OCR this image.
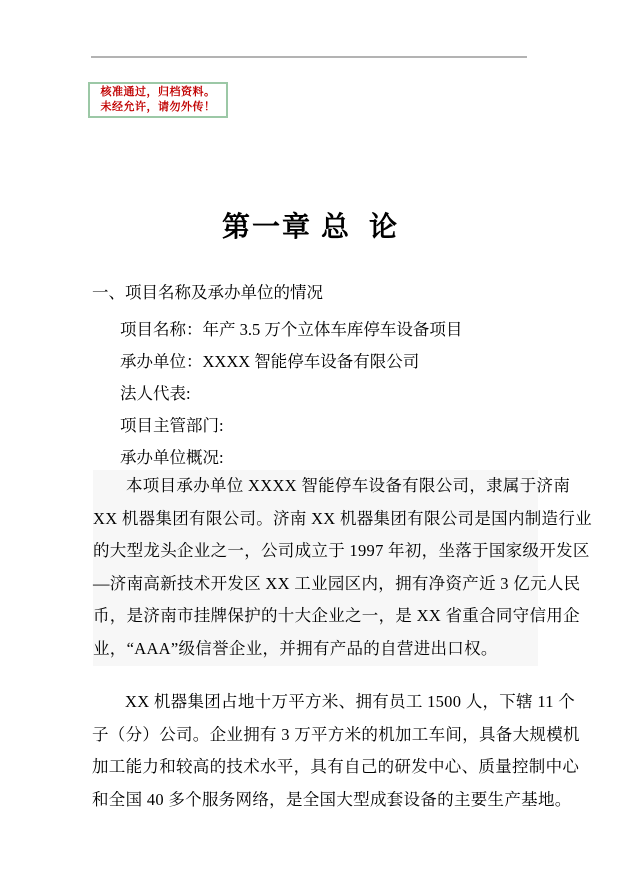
核准通过，归档资料。
未经允许，请勿外传！
第一章 总  论
一、项目名称及承办单位的情况
项目名称：年产 3.5 万个立体车库停车设备项目
承办单位：XXXX 智能停车设备有限公司
法人代表:
项目主管部门:
承办单位概况:
本项目承办单位 XXXX 智能停车设备有限公司，隶属于济南
XX 机器集团有限公司。济南 XX 机器集团有限公司是国内制造行业
的大型龙头企业之一，公司成立于 1997 年初，坐落于国家级开发区
—济南高新技术开发区 XX 工业园区内，拥有净资产近 3 亿元人民
币，是济南市挂牌保护的十大企业之一，是 XX 省重合同守信用企
业，“AAA”级信誉企业，并拥有产品的自营进出口权。
XX 机器集团占地十万平方米、拥有员工 1500 人，下辖 11 个
子（分）公司。企业拥有 3 万平方米的机加工车间，具备大规模机
加工能力和较高的技术水平，具有自己的研发中心、质量控制中心
和全国 40 多个服务网络，是全国大型成套设备的主要生产基地。
